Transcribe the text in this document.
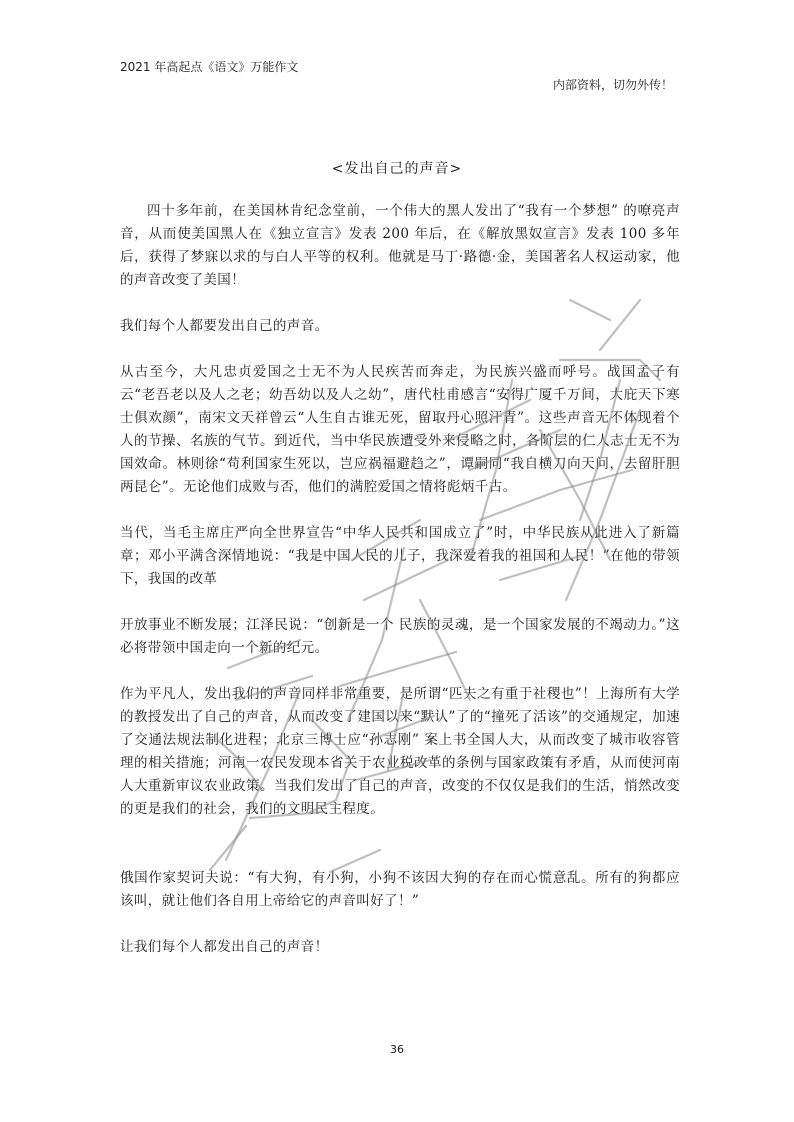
2021 年高起点《语文》万能作文
内部资料，切勿外传！
<发出自己的声音>

四十多年前，在美国林肯纪念堂前，一个伟大的黑人发出了“我有一个梦想” 的嘹亮声音，从而使美国黑人在《独立宣言》发表 200 年后，在《解放黑奴宣言》发表 100 多年后，获得了梦寐以求的与白人平等的权利。他就是马丁·路德·金，美国著名人权运动家，他的声音改变了美国！

我们每个人都要发出自己的声音。

从古至今，大凡忠贞爱国之士无不为人民疾苦而奔走，为民族兴盛而呼号。战国孟子有云“老吾老以及人之老；幼吾幼以及人之幼”，唐代杜甫感言“安得广厦千万间，大庇天下寒士俱欢颜”，南宋文天祥曾云“人生自古谁无死，留取丹心照汗青”。这些声音无不体现着个人的节操、名族的气节。到近代，当中华民族遭受外来侵略之时，各阶层的仁人志士无不为国效命。林则徐“苟利国家生死以，岂应祸福避趋之”，谭嗣同“我自横刀向天问，去留肝胆两昆仑”。无论他们成败与否，他们的满腔爱国之情将彪炳千古。

当代，当毛主席庄严向全世界宣告“中华人民共和国成立了”时，中华民族从此进入了新篇章；邓小平满含深情地说：“我是中国人民的儿子，我深爱着我的祖国和人民！”在他的带领下，我国的改革

开放事业不断发展；江泽民说：“创新是一个 民族的灵魂，是一个国家发展的不竭动力。”这必将带领中国走向一个新的纪元。

作为平凡人，发出我们的声音同样非常重要，是所谓“匹夫之有重于社稷也”！上海所有大学的教授发出了自己的声音，从而改变了建国以来“默认”了的“撞死了活该”的交通规定，加速了交通法规法制化进程；北京三博士应“孙志刚” 案上书全国人大，从而改变了城市收容管理的相关措施；河南一农民发现本省关于农业税改革的条例与国家政策有矛盾，从而使河南人大重新审议农业政策。当我们发出了自己的声音，改变的不仅仅是我们的生活，悄然改变的更是我们的社会，我们的文明民主程度。

俄国作家契诃夫说：“有大狗，有小狗，小狗不该因大狗的存在而心慌意乱。所有的狗都应该叫，就让他们各自用上帝给它的声音叫好了！”

让我们每个人都发出自己的声音！

36
